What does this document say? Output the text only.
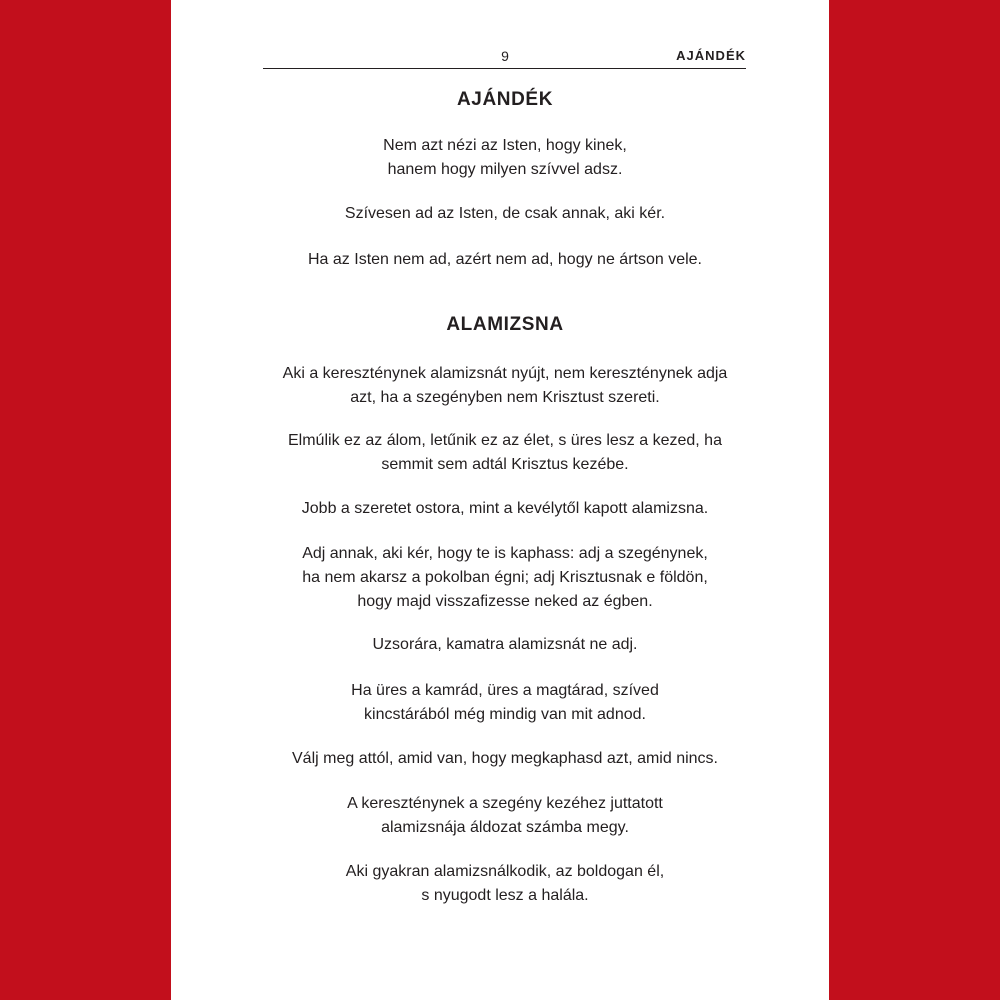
9	AJÁNDÉK
AJÁNDÉK

Nem azt nézi az Isten, hogy kinek,
hanem hogy milyen szívvel adsz.

Szívesen ad az Isten, de csak annak, aki kér.

Ha az Isten nem ad, azért nem ad, hogy ne ártson vele.

ALAMIZSNA

Aki a kereszténynek alamizsnát nyújt, nem kereszténynek adja
azt, ha a szegényben nem Krisztust szereti.

Elmúlik ez az álom, letűnik ez az élet, s üres lesz a kezed, ha
semmit sem adtál Krisztus kezébe.

Jobb a szeretet ostora, mint a kevélytől kapott alamizsna.

Adj annak, aki kér, hogy te is kaphass: adj a szegénynek,
ha nem akarsz a pokolban égni; adj Krisztusnak e földön,
hogy majd visszafizesse neked az égben.

Uzsorára, kamatra alamizsnát ne adj.

Ha üres a kamrád, üres a magtárad, szíved
kincstárából még mindig van mit adnod.

Válj meg attól, amid van, hogy megkaphasd azt, amid nincs.

A kereszténynek a szegény kezéhez juttatott
alamizsnája áldozat számba megy.

Aki gyakran alamizsnálkodik, az boldogan él,
s nyugodt lesz a halála.
